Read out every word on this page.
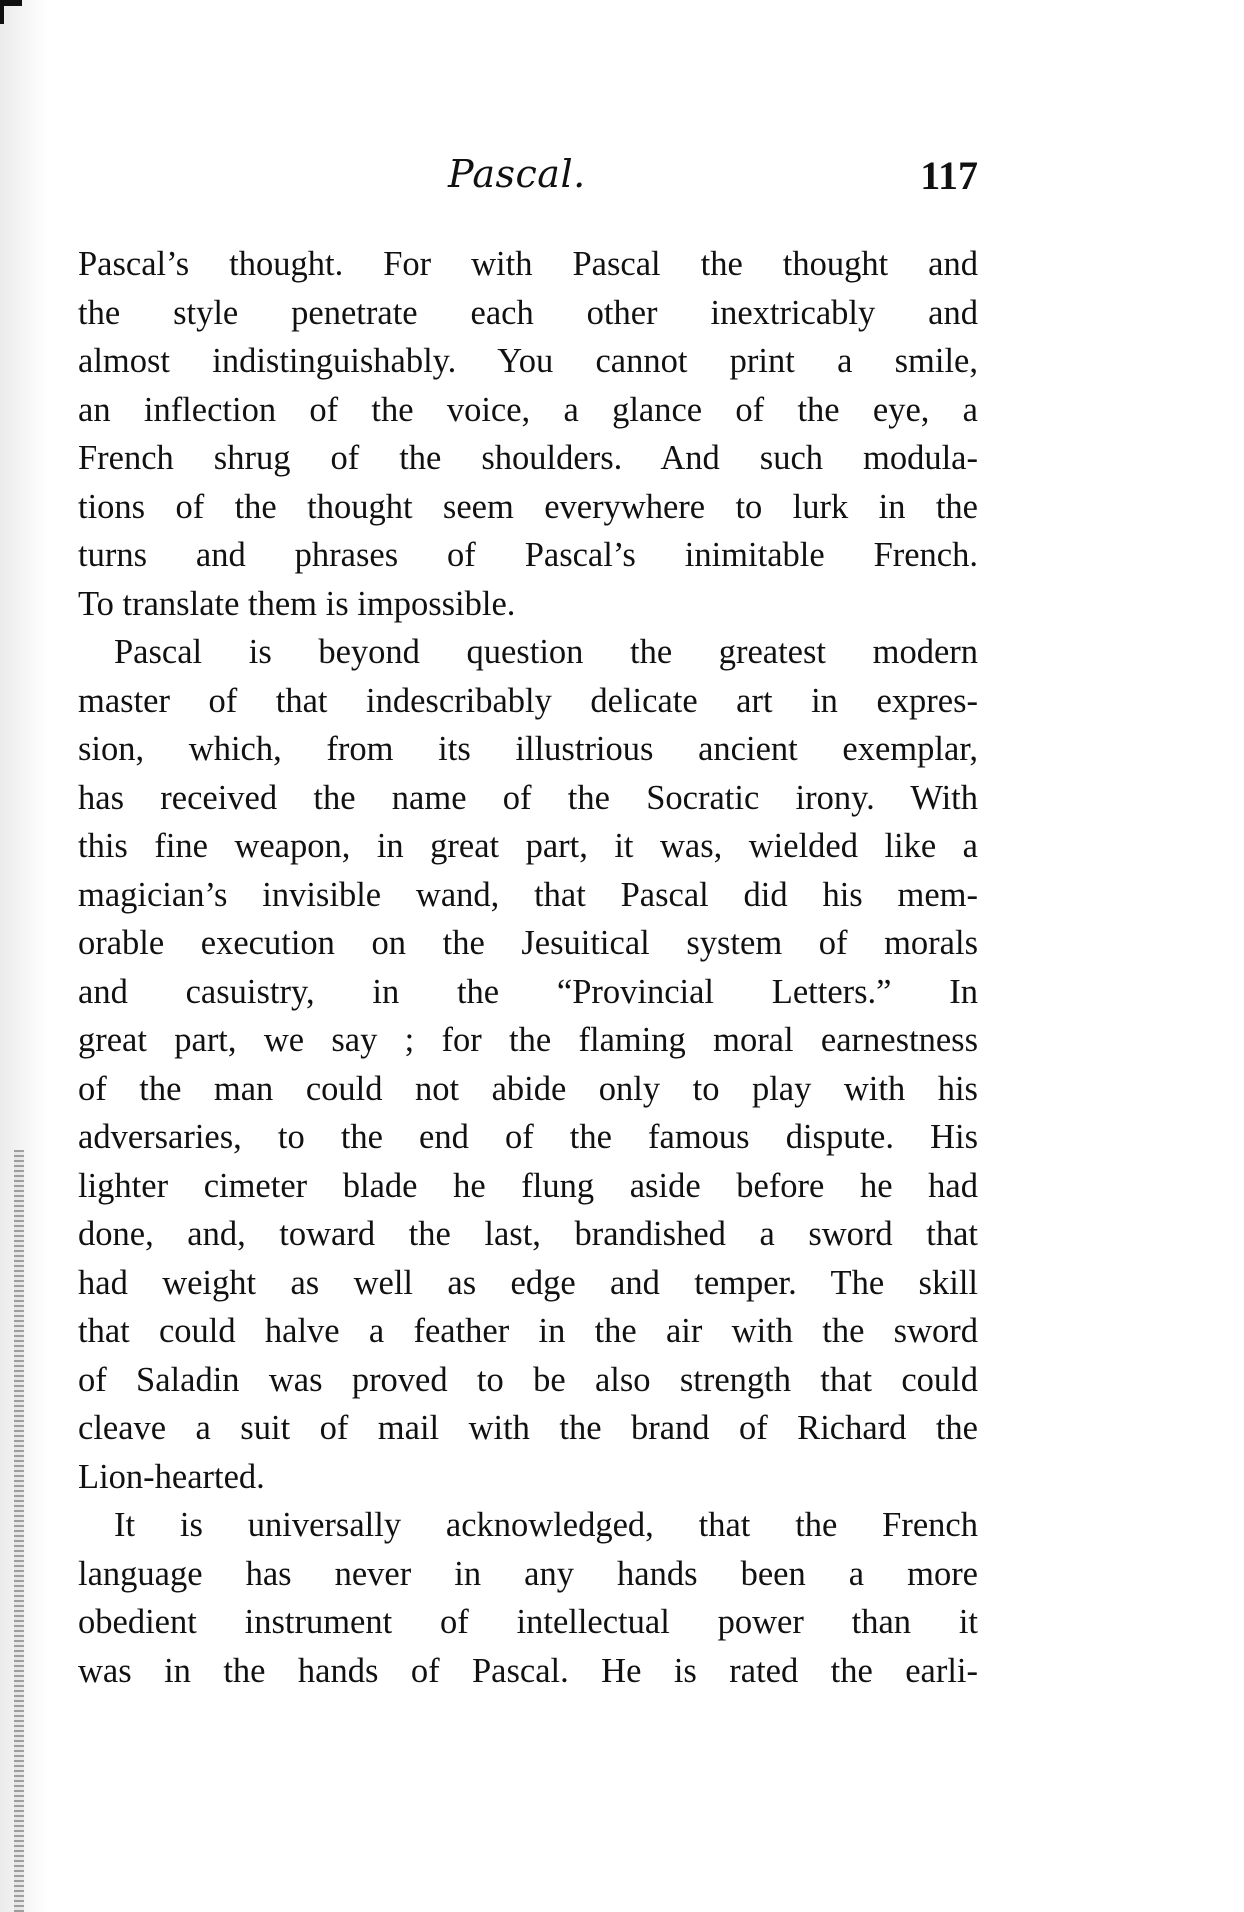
Pascal.	117
Pascal’s thought. For with Pascal the thought and
the style penetrate each other inextricably and
almost indistinguishably. You cannot print a smile,
an inflection of the voice, a glance of the eye, a
French shrug of the shoulders. And such modula-
tions of the thought seem everywhere to lurk in the
turns and phrases of Pascal’s inimitable French.
To translate them is impossible.
Pascal is beyond question the greatest modern
master of that indescribably delicate art in expres-
sion, which, from its illustrious ancient exemplar,
has received the name of the Socratic irony. With
this fine weapon, in great part, it was, wielded like a
magician’s invisible wand, that Pascal did his mem-
orable execution on the Jesuitical system of morals
and casuistry, in the “Provincial Letters.” In
great part, we say ; for the flaming moral earnestness
of the man could not abide only to play with his
adversaries, to the end of the famous dispute. His
lighter cimeter blade he flung aside before he had
done, and, toward the last, brandished a sword that
had weight as well as edge and temper. The skill
that could halve a feather in the air with the sword
of Saladin was proved to be also strength that could
cleave a suit of mail with the brand of Richard the
Lion-hearted.
It is universally acknowledged, that the French
language has never in any hands been a more
obedient instrument of intellectual power than it
was in the hands of Pascal. He is rated the earli-
